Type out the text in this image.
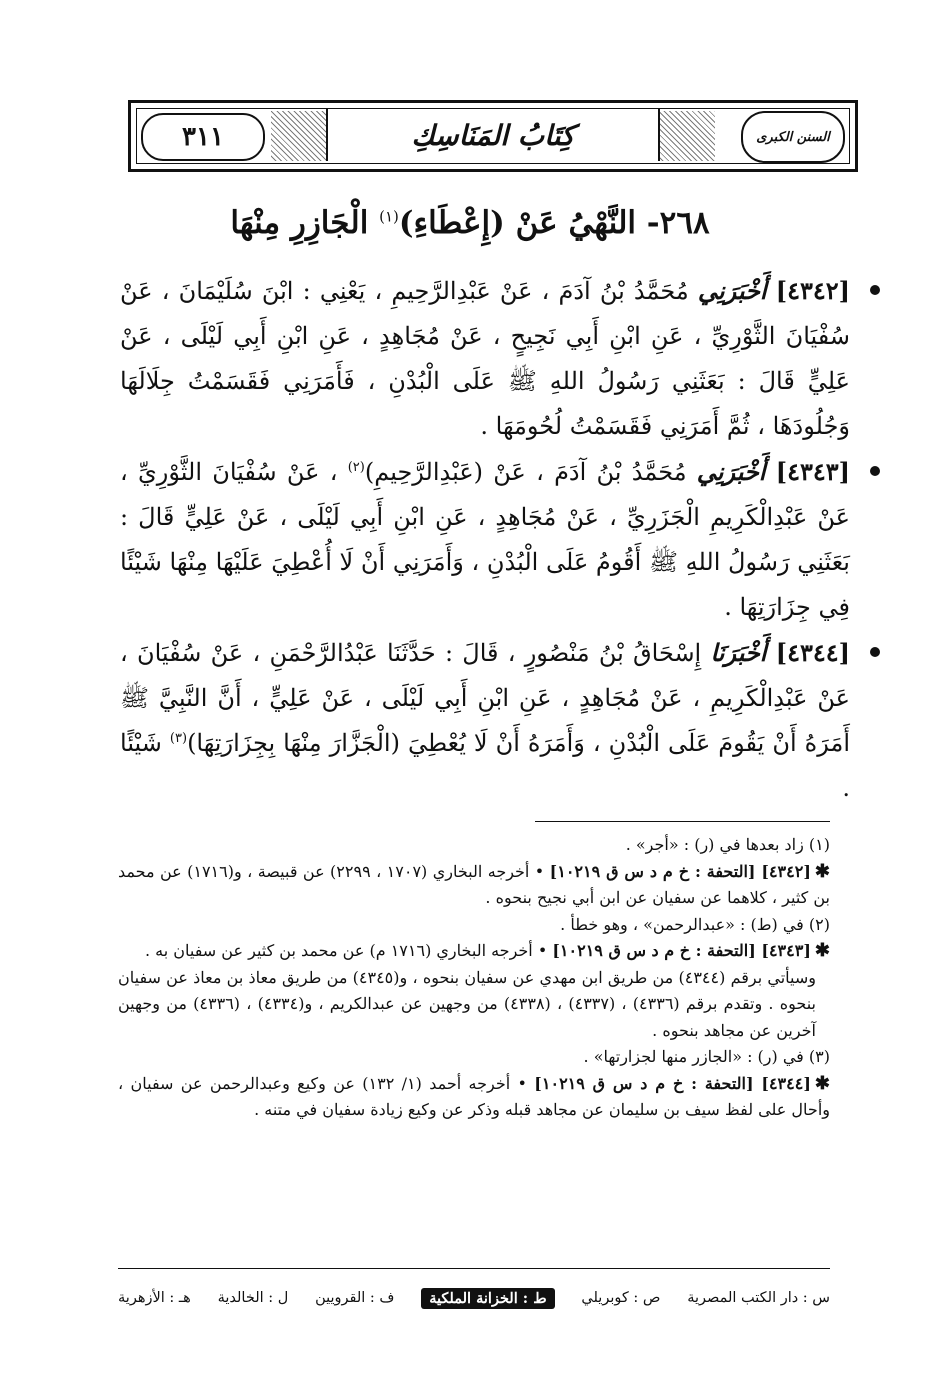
٣١١	كِتَابُ المَنَاسِكِ	السنن الكبرى
٢٦٨- النَّهْيُ عَنْ (إِعْطَاءِ)$^{(١)}$ الْجَازِرِ مِنْهَا

[٤٣٤٢] أَخْبَرَنِي مُحَمَّدُ بْنُ آدَمَ ، عَنْ عَبْدِالرَّحِيمِ ، يَعْنِي : ابْنَ سُلَيْمَانَ ، عَنْ سُفْيَانَ الثَّوْرِيِّ ، عَنِ ابْنِ أَبِي نَجِيحٍ ، عَنْ مُجَاهِدٍ ، عَنِ ابْنِ أَبِي لَيْلَى ، عَنْ عَلِيٍّ قَالَ : بَعَثَنِي رَسُولُ اللهِ ﷺ عَلَى الْبُدْنِ ، فَأَمَرَنِي فَقَسَمْتُ جِلَالَهَا وَجُلُودَهَا ، ثُمَّ أَمَرَنِي فَقَسَمْتُ لُحُومَهَا .

[٤٣٤٣] أَخْبَرَنِي مُحَمَّدُ بْنُ آدَمَ ، عَنْ (عَبْدِالرَّحِيمِ)$^{(٢)}$ ، عَنْ سُفْيَانَ الثَّوْرِيِّ ، عَنْ عَبْدِالْكَرِيمِ الْجَزَرِيِّ ، عَنْ مُجَاهِدٍ ، عَنِ ابْنِ أَبِي لَيْلَى ، عَنْ عَلِيٍّ قَالَ : بَعَثَنِي رَسُولُ اللهِ ﷺ أَقُومُ عَلَى الْبُدْنِ ، وَأَمَرَنِي أَنْ لَا أُعْطِيَ عَلَيْهَا مِنْهَا شَيْئًا فِي جِزَارَتِهَا .

[٤٣٤٤] أَخْبَرَنَا إِسْحَاقُ بْنُ مَنْصُورٍ ، قَالَ : حَدَّثَنَا عَبْدُالرَّحْمَنِ ، عَنْ سُفْيَانَ ، عَنْ عَبْدِالْكَرِيمِ ، عَنْ مُجَاهِدٍ ، عَنِ ابْنِ أَبِي لَيْلَى ، عَنْ عَلِيٍّ ، أَنَّ النَّبِيَّ ﷺ أَمَرَهُ أَنْ يَقُومَ عَلَى الْبُدْنِ ، وَأَمَرَهُ أَنْ لَا يُعْطِيَ (الْجَزَّارَ مِنْهَا بِجِزَارَتِهَا)$^{(٣)}$ شَيْئًا .

(١) زاد بعدها في (ر) : «أجر» .

✱[٤٣٤٢] [التحفة : خ م د س ق ١٠٢١٩] • أخرجه البخاري (١٧٠٧ ، ٢٢٩٩) عن قبيصة ، و(١٧١٦) عن محمد بن كثير ، كلاهما عن سفيان عن ابن أبي نجيح بنحوه .

(٢) في (ط) : «عبدالرحمن» ، وهو خطأ .

✱[٤٣٤٣] [التحفة : خ م د س ق ١٠٢١٩] • أخرجه البخاري (١٧١٦ م) عن محمد بن كثير عن سفيان به .

وسيأتي برقم (٤٣٤٤) من طريق ابن مهدي عن سفيان بنحوه ، و(٤٣٤٥) من طريق معاذ بن معاذ عن سفيان بنحوه . وتقدم برقم (٤٣٣٦) ، (٤٣٣٧) ، (٤٣٣٨) من وجهين عن عبدالكريم ، و(٤٣٣٤) ، (٤٣٣٦) من وجهين آخرين عن مجاهد بنحوه .

(٣) في (ر) : «الجازر منها لجزارتها» .

✱[٤٣٤٤] [التحفة : خ م د س ق ١٠٢١٩] • أخرجه أحمد (١/ ١٣٢) عن وكيع وعبدالرحمن عن سفيان ، وأحال على لفظ سيف بن سليمان عن مجاهد قبله وذكر عن وكيع زيادة سفيان في متنه .

س : دار الكتب المصرية
ص : كوبريلي
ط : الخزانة الملكية
ف : القرويين
ل : الخالدية
هـ : الأزهرية
